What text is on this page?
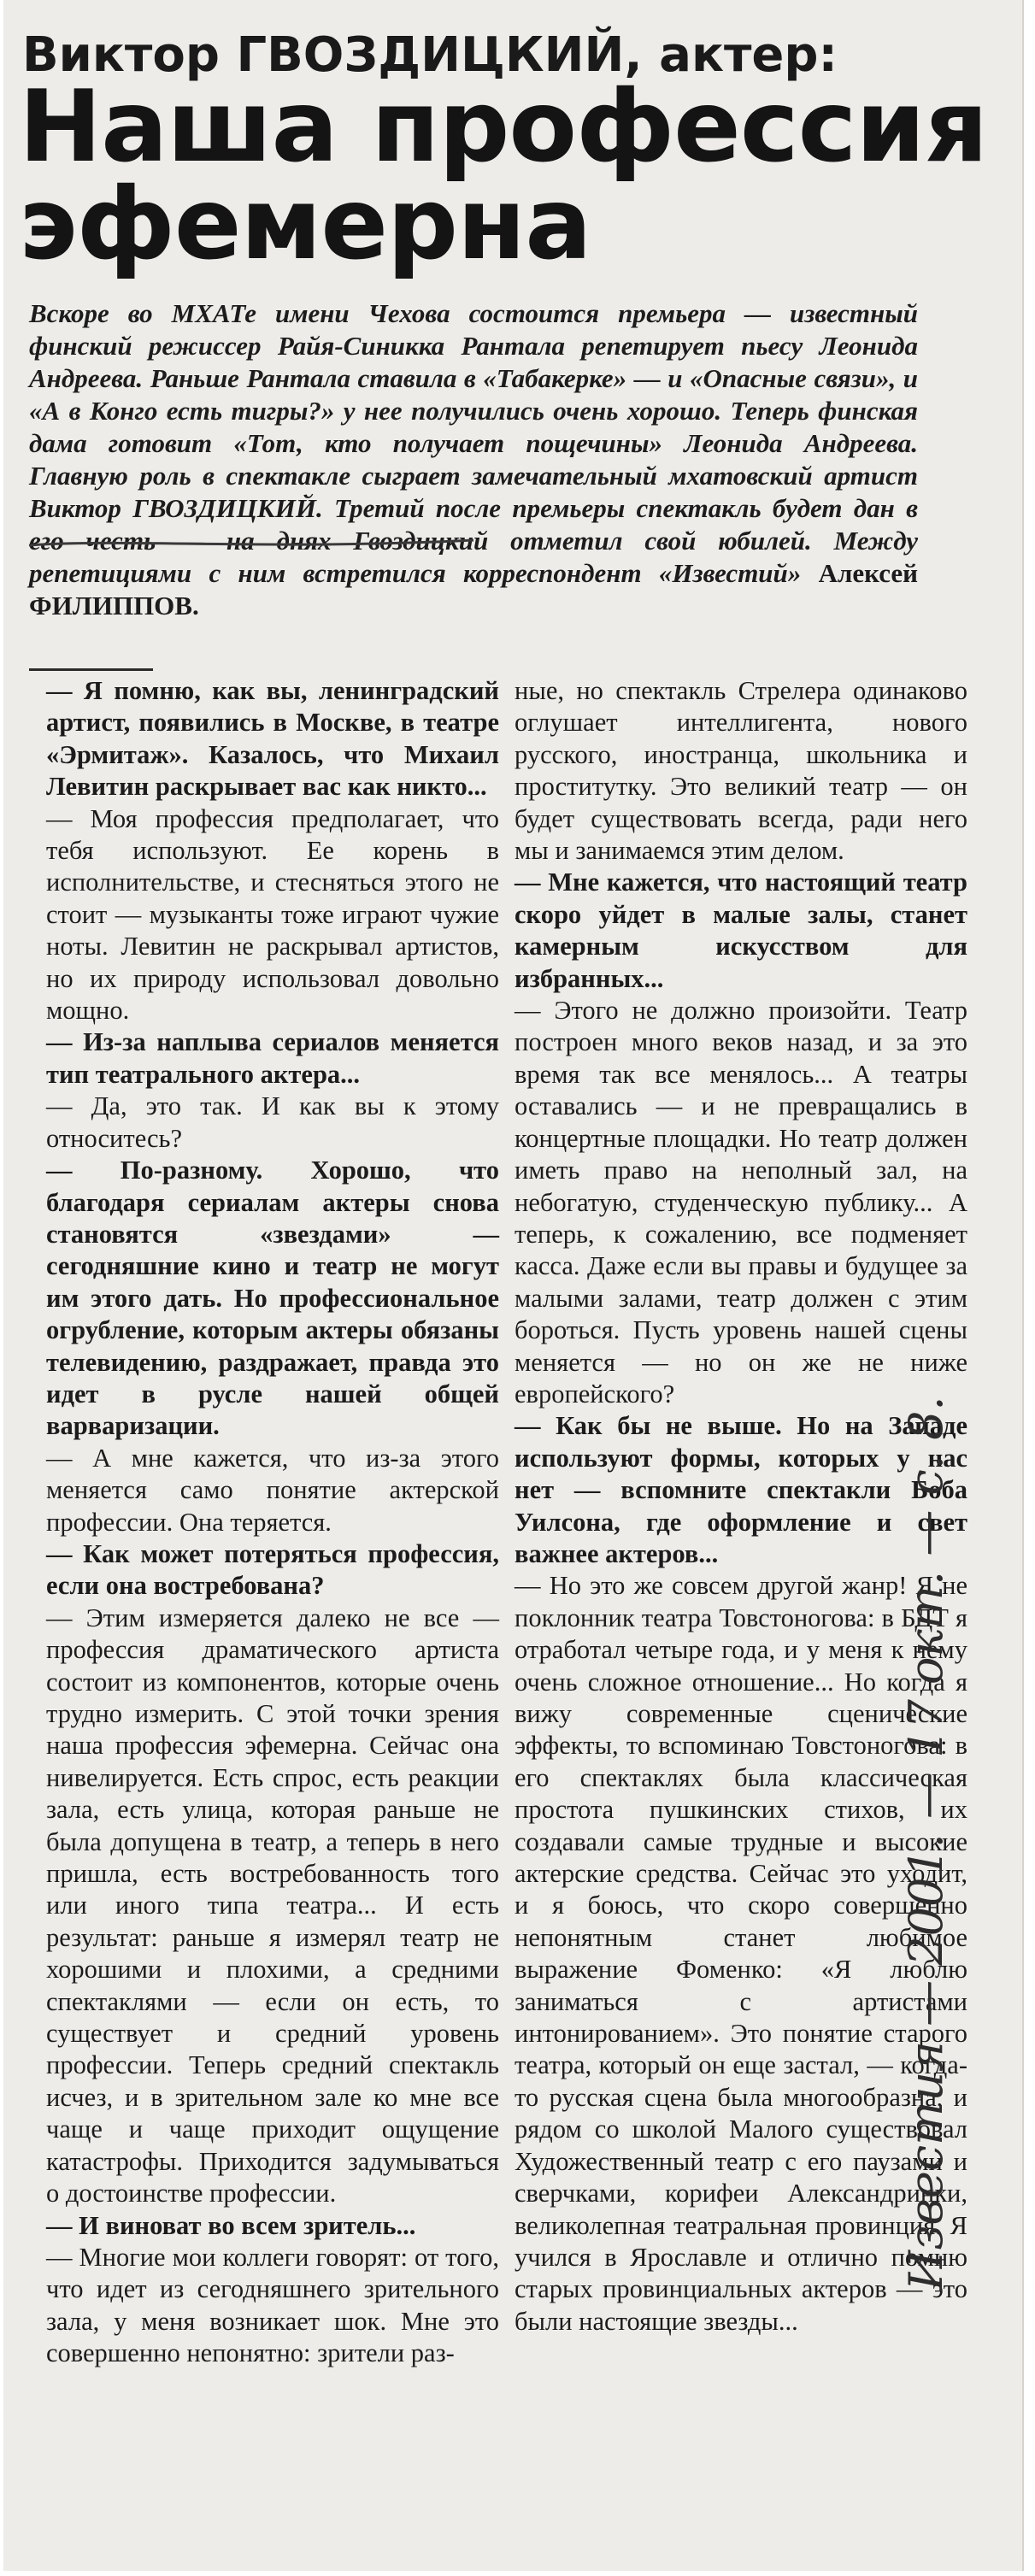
Виктор ГВОЗДИЦКИЙ, актер:
Наша профессия
эфемерна
Вскоре во МХАТе имени Чехова состоится премьера — известный финский режиссер Райя-Синикка Рантала репетирует пьесу Леонида Андреева. Раньше Рантала ставила в «Табакерке» — и «Опасные связи», и «А в Конго есть тигры?» у нее получились очень хорошо. Теперь финская дама готовит «Тот, кто получает пощечины» Леонида Андреева. Главную роль в спектакле сыграет замечательный мхатовский артист Виктор ГВОЗДИЦКИЙ. Третий после премьеры спектакль будет дан в его честь — на днях Гвоздицкий отметил свой юбилей. Между репетициями с ним встретился корреспондент «Известий» Алексей ФИЛИППОВ.

— Я помню, как вы, ленинградский артист, появились в Москве, в театре «Эрмитаж». Казалось, что Михаил Левитин раскрывает вас как никто...

— Моя профессия предполагает, что тебя используют. Ее корень в исполнительстве, и стесняться этого не стоит — музыканты тоже играют чужие ноты. Левитин не раскрывал артистов, но их природу использовал довольно мощно.

— Из-за наплыва сериалов меняется тип театрального актера...

— Да, это так. И как вы к этому относитесь?

— По-разному. Хорошо, что благодаря сериалам актеры снова становятся «звездами» — сегодняшние кино и театр не могут им этого дать. Но профессиональное огрубление, которым актеры обязаны телевидению, раздражает, правда это идет в русле нашей общей варваризации.

— А мне кажется, что из-за этого меняется само понятие актерской профессии. Она теряется.

— Как может потеряться профессия, если она востребована?

— Этим измеряется далеко не все — профессия драматического артиста состоит из компонентов, которые очень трудно измерить. С этой точки зрения наша профессия эфемерна. Сейчас она нивелируется. Есть спрос, есть реакции зала, есть улица, которая раньше не была допущена в театр, а теперь в него пришла, есть востребованность того или иного типа театра... И есть результат: раньше я измерял театр не хорошими и плохими, а средними спектаклями — если он есть, то существует и средний уровень профессии. Теперь средний спектакль исчез, и в зрительном зале ко мне все чаще и чаще приходит ощущение катастрофы. Приходится задумываться о достоинстве профессии.

— И виноват во всем зритель...

— Многие мои коллеги говорят: от того, что идет из сегодняшнего зрительного зала, у меня возникает шок. Мне это совершенно непонятно: зрители раз-

ные, но спектакль Стрелера одинаково оглушает интеллигента, нового русского, иностранца, школьника и проститутку. Это великий театр — он будет существовать всегда, ради него мы и занимаемся этим делом.

— Мне кажется, что настоящий театр скоро уйдет в малые залы, станет камерным искусством для избранных...

— Этого не должно произойти. Театр построен много веков назад, и за это время так все менялось... А театры оставались — и не превращались в концертные площадки. Но театр должен иметь право на неполный зал, на небогатую, студенческую публику... А теперь, к сожалению, все подменяет касса. Даже если вы правы и будущее за малыми залами, театр должен с этим бороться. Пусть уровень нашей сцены меняется — но он же не ниже европейского?

— Как бы не выше. Но на Западе используют формы, которых у нас нет — вспомните спектакли Боба Уилсона, где оформление и свет важнее актеров...

— Но это же совсем другой жанр! Я не поклонник театра Товстоногова: в БДТ я отработал четыре года, и у меня к нему очень сложное отношение... Но когда я вижу современные сценические эффекты, то вспоминаю Товстоногова: в его спектаклях была классическая простота пушкинских стихов, их создавали самые трудные и высокие актерские средства. Сейчас это уходит, и я боюсь, что скоро совершенно непонятным станет любимое выражение Фоменко: «Я люблю заниматься с артистами интонированием». Это понятие старого театра, который он еще застал, — когда-то русская сцена была многообразна, и рядом со школой Малого существовал Художественный театр с его паузами и сверчками, корифеи Александринки, великолепная театральная провинция. Я учился в Ярославле и отлично помню старых провинциальных актеров — это были настоящие звезды...

Известия — 2001. — 17 окт. — с. 8.
